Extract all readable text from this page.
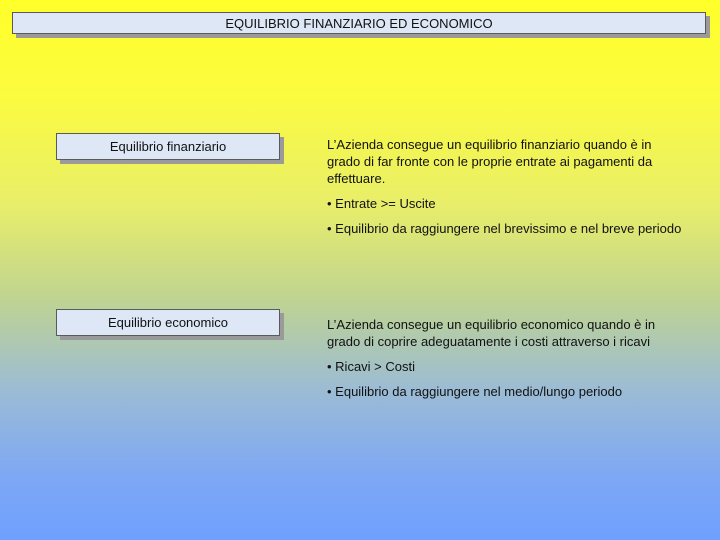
EQUILIBRIO FINANZIARIO ED ECONOMICO
Equilibrio finanziario	L’Azienda consegue un equilibrio finanziario quando è in grado di far fronte con le proprie entrate ai pagamenti da effettuare.

• Entrate >= Uscite

• Equilibrio da raggiungere nel brevissimo e nel breve periodo

Equilibrio economico	L’Azienda consegue un equilibrio economico quando è in grado di coprire adeguatamente i costi attraverso i ricavi

• Ricavi > Costi

• Equilibrio da raggiungere nel medio/lungo periodo
